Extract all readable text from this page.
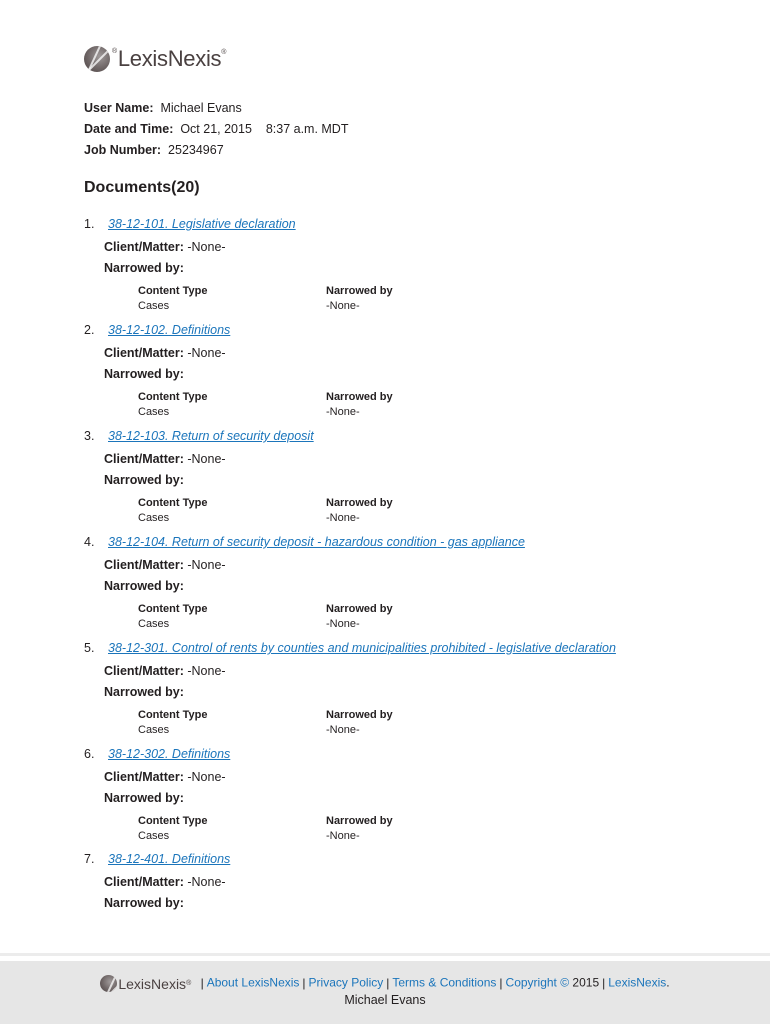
®LexisNexis®
User Name: Michael Evans
Date and Time: Oct 21, 2015 8:37 a.m. MDT
Job Number: 25234967
Documents(20)
1. 38-12-101. Legislative declaration
Client/Matter: -None-
Narrowed by:
Content Type	Narrowed by
Cases	-None-
2. 38-12-102. Definitions
Client/Matter: -None-
Narrowed by:
Content Type	Narrowed by
Cases	-None-
3. 38-12-103. Return of security deposit
Client/Matter: -None-
Narrowed by:
Content Type	Narrowed by
Cases	-None-
4. 38-12-104. Return of security deposit - hazardous condition - gas appliance
Client/Matter: -None-
Narrowed by:
Content Type	Narrowed by
Cases	-None-
5. 38-12-301. Control of rents by counties and municipalities prohibited - legislative declaration
Client/Matter: -None-
Narrowed by:
Content Type	Narrowed by
Cases	-None-
6. 38-12-302. Definitions
Client/Matter: -None-
Narrowed by:
Content Type	Narrowed by
Cases	-None-
7. 38-12-401. Definitions
Client/Matter: -None-
Narrowed by:
LexisNexis ® | About LexisNexis | Privacy Policy | Terms & Conditions | Copyright © 2015 | LexisNexis.
Michael Evans
